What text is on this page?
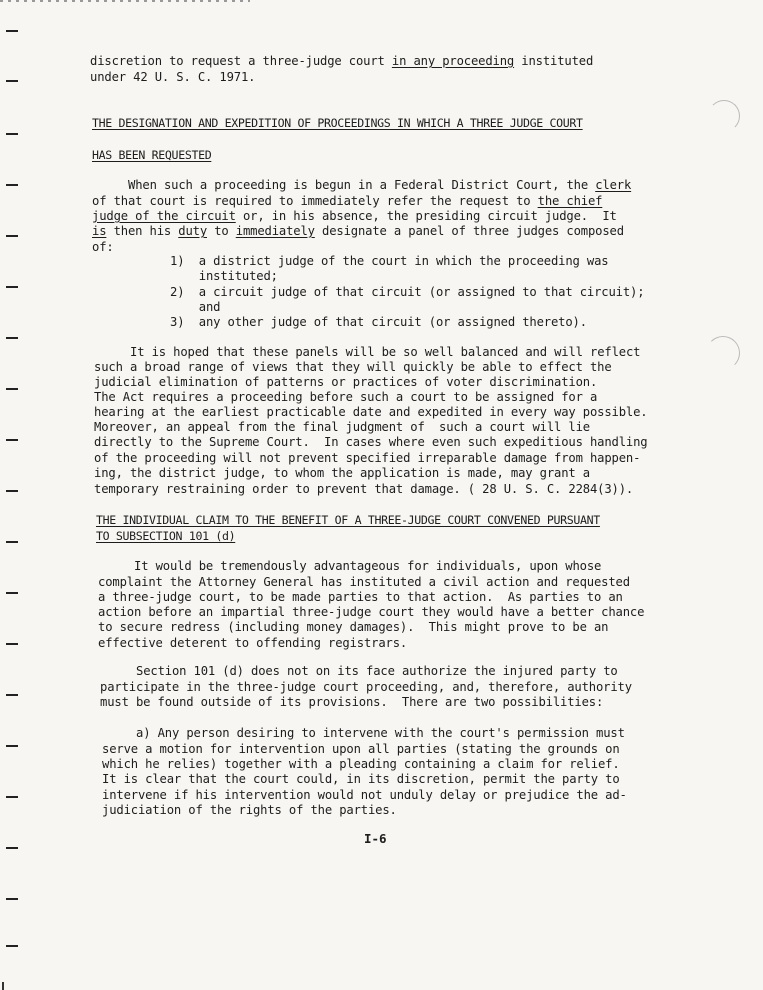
discretion to request a three-judge court in any proceeding instituted
under 42 U. S. C. 1971.
THE DESIGNATION AND EXPEDITION OF PROCEEDINGS IN WHICH A THREE JUDGE COURT
HAS BEEN REQUESTED
When such a proceeding is begun in a Federal District Court, the clerk
of that court is required to immediately refer the request to the chief
judge of the circuit or, in his absence, the presiding circuit judge.  It
is then his duty to immediately designate a panel of three judges composed
of:
1)  a district judge of the court in which the proceeding was
instituted;
2)  a circuit judge of that circuit (or assigned to that circuit);
and
3)  any other judge of that circuit (or assigned thereto).
It is hoped that these panels will be so well balanced and will reflect
such a broad range of views that they will quickly be able to effect the
judicial elimination of patterns or practices of voter discrimination.
The Act requires a proceeding before such a court to be assigned for a
hearing at the earliest practicable date and expedited in every way possible.
Moreover, an appeal from the final judgment of  such a court will lie
directly to the Supreme Court.  In cases where even such expeditious handling
of the proceeding will not prevent specified irreparable damage from happen-
ing, the district judge, to whom the application is made, may grant a
temporary restraining order to prevent that damage. ( 28 U. S. C. 2284(3)).
THE INDIVIDUAL CLAIM TO THE BENEFIT OF A THREE-JUDGE COURT CONVENED PURSUANT
TO SUBSECTION 101 (d)
It would be tremendously advantageous for individuals, upon whose
complaint the Attorney General has instituted a civil action and requested
a three-judge court, to be made parties to that action.  As parties to an
action before an impartial three-judge court they would have a better chance
to secure redress (including money damages).  This might prove to be an
effective deterent to offending registrars.
Section 101 (d) does not on its face authorize the injured party to
participate in the three-judge court proceeding, and, therefore, authority
must be found outside of its provisions.  There are two possibilities:
a) Any person desiring to intervene with the court's permission must
serve a motion for intervention upon all parties (stating the grounds on
which he relies) together with a pleading containing a claim for relief.
It is clear that the court could, in its discretion, permit the party to
intervene if his intervention would not unduly delay or prejudice the ad-
judiciation of the rights of the parties.
I-6
